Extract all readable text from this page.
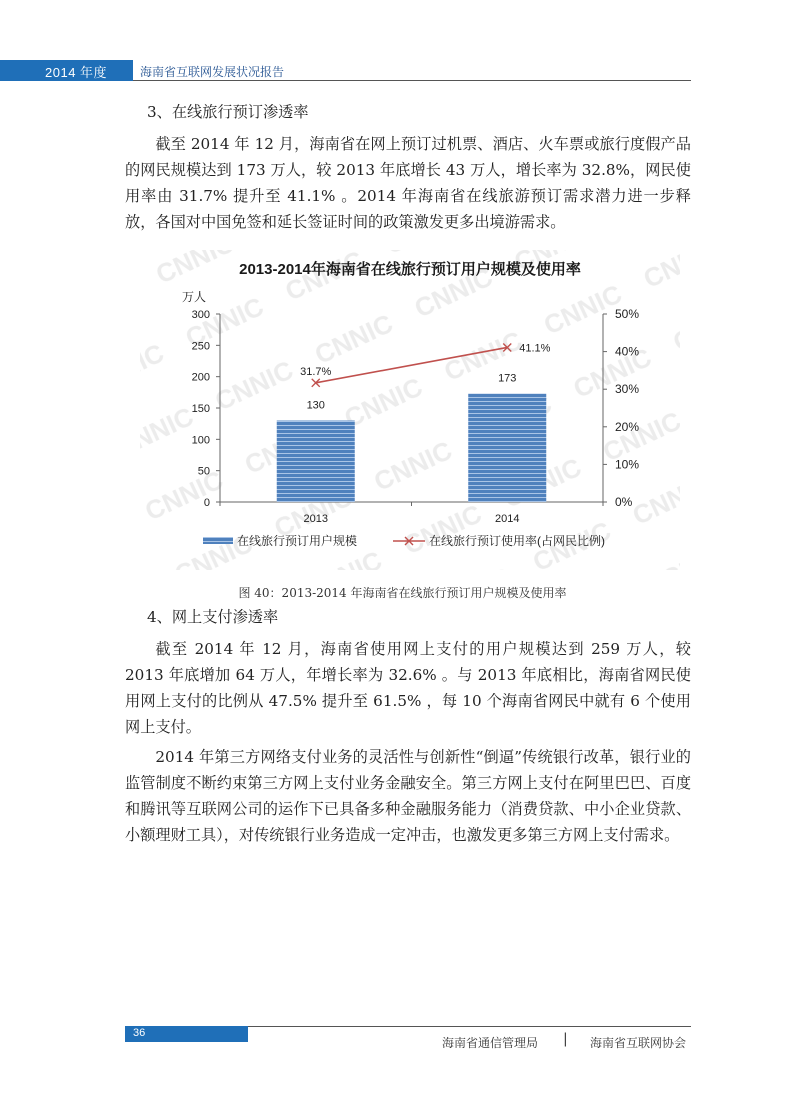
2014 年度	海南省互联网发展状况报告

3、在线旅行预订渗透率

截至 2014 年 12 月，海南省在网上预订过机票、酒店、火车票或旅行度假产品的网民规模达到 173 万人，较 2013 年底增长 43 万人，增长率为 32.8%，网民使用率由 31.7% 提升至 41.1% 。2014 年海南省在线旅游预订需求潜力进一步释放，各国对中国免签和延长签证时间的政策激发更多出境游需求。

2013-2014年海南省在线旅行预订用户规模及使用率
万人
0
50
100
150
200
250
300
0%
10%
20%
30%
40%
50%
2013	2014
130
173
31.7%
41.1%
在线旅行预订用户规模	在线旅行预订使用率(占网民比例)

图 40：2013-2014 年海南省在线旅行预订用户规模及使用率

4、网上支付渗透率

截至 2014 年 12 月，海南省使用网上支付的用户规模达到 259 万人，较 2013 年底增加 64 万人，年增长率为 32.6% 。与 2013 年底相比，海南省网民使用网上支付的比例从 47.5% 提升至 61.5% ，每 10 个海南省网民中就有 6 个使用网上支付。

2014 年第三方网络支付业务的灵活性与创新性“倒逼”传统银行改革，银行业的监管制度不断约束第三方网上支付业务金融安全。第三方网上支付在阿里巴巴、百度和腾讯等互联网公司的运作下已具备多种金融服务能力（消费贷款、中小企业贷款、小额理财工具），对传统银行业务造成一定冲击，也激发更多第三方网上支付需求。

36
海南省通信管理局 | 海南省互联网协会
